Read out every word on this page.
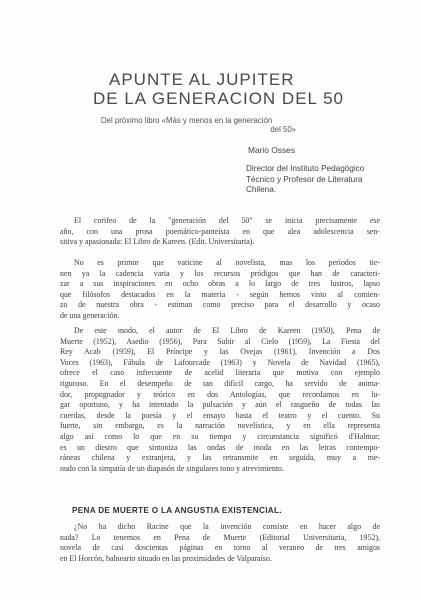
APUNTE AL JUPITER
DE LA GENERACION DEL 50
Del próximo libro «Más y menos en la generación
del 50»
Mario Osses
Director del Instituto Pedagógico
Técnico y Profesor de Literatura
Chilena.
El corifeo de la "generación del 50" se inicia precisamente ese
año, con una prosa poemático-panteísta en que alea adolescencia sen-
sitiva y apasionada: El Libro de Kareen. (Edit. Universitaria).
No es primor que vaticine al novelista, mas los períodos tie-
nen ya la cadencia varia y los recursos pródigos que han de caracteri-
zar a sus inspiraciones en ocho obras a lo largo de tres lustros, lapso
que filósofos destacados en la materia - según hemos visto al comien-
zo de nuestra obra - estiman como preciso para el desarrollo y ocaso
de una generación.
De este modo, el autor de El Libro de Kareen (1950), Pena de
Muerte (1952), Asedio (1956), Para Subir al Cielo (1959), La Fiesta del
Rey Acab (1959), El Príncipe y las Ovejas (1961), Invención a Dos
Voces (1963), Fábula de Lafourcade (1963) y Novela de Navidad (1965),
ofrece el caso infrecuente de acelid literaria que motiva con ejemplo
riguroso. En el desempeño de tan difícil cargo, ha servido de anima-
dor, propugnador y teórico en dos Antologías, que recordamos en lu-
gar oportuno, y ha intentado la pulsación y aún el rasgueño de todas las
cuerdas, desde la poesía y el ensayo hasta el teatro y el cuento. Su
fuerte, sin embargo, es la narración novelística, y en ella representa
algo así como lo que en su tiempo y circunstancia significó d'Halmar;
es un diestro que sintoniza las ondas de moda en las letras contempo-
ráneas chilena y extranjera, y las retransmite en seguida, muy a me-
nudo con la simpatía de un diapasón de singulares tono y atrevimiento.
PENA DE MUERTE O LA ANGUSTIA EXISTENCIAL.
¿No ha dicho Racine que la invención consiste en hacer algo de
nada? Lo tenemos en Pena de Muerte (Editorial Universitaria, 1952),
novela de casi doscientas páginas en torno al veraneo de tres amigos
en El Horcón, balneario situado en las proximidades de Valparaíso.
